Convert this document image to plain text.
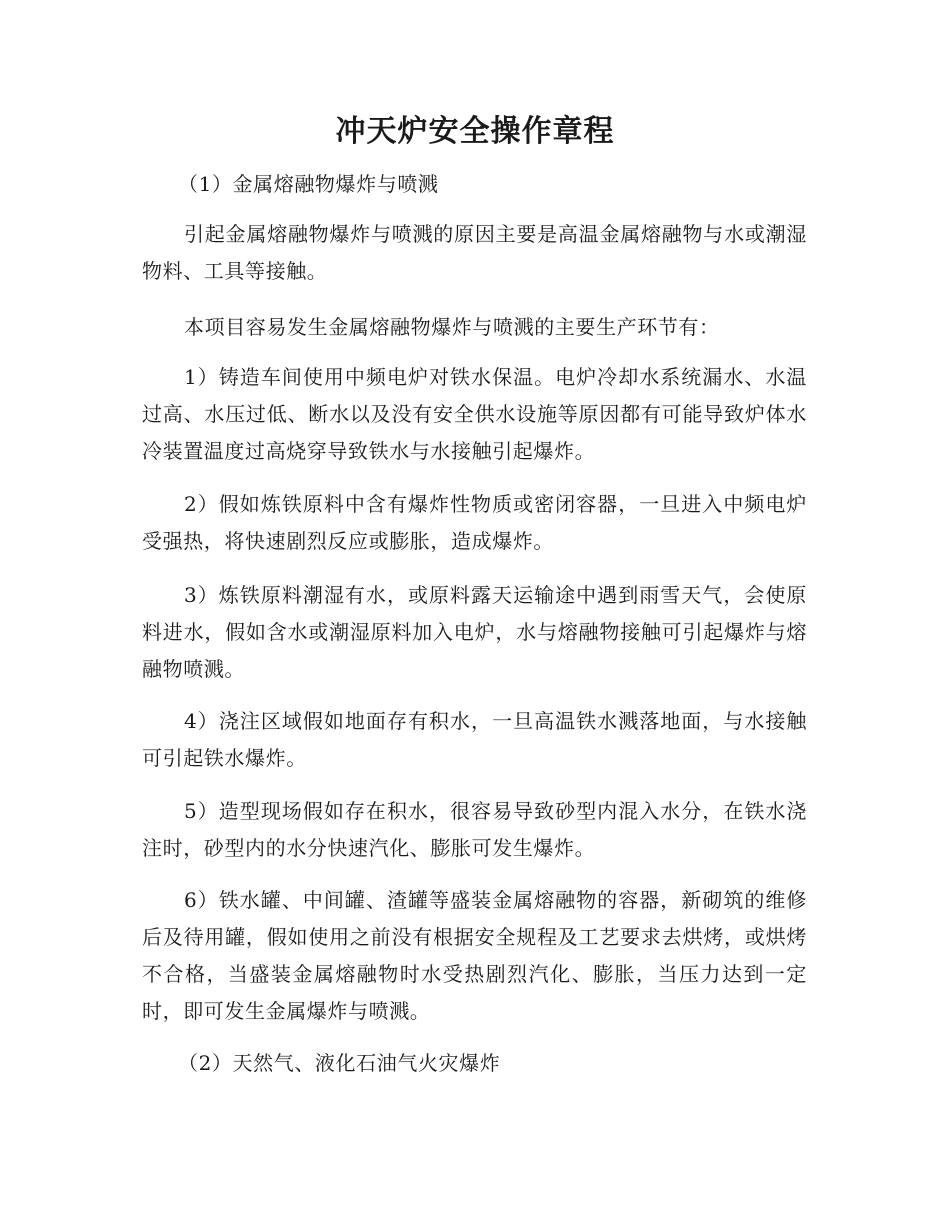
冲天炉安全操作章程

（1）金属熔融物爆炸与喷溅

引起金属熔融物爆炸与喷溅的原因主要是高温金属熔融物与水或潮湿物料、工具等接触。

本项目容易发生金属熔融物爆炸与喷溅的主要生产环节有：

1）铸造车间使用中频电炉对铁水保温。电炉冷却水系统漏水、水温过高、水压过低、断水以及没有安全供水设施等原因都有可能导致炉体水冷装置温度过高烧穿导致铁水与水接触引起爆炸。

2）假如炼铁原料中含有爆炸性物质或密闭容器，一旦进入中频电炉受强热，将快速剧烈反应或膨胀，造成爆炸。

3）炼铁原料潮湿有水，或原料露天运输途中遇到雨雪天气，会使原料进水，假如含水或潮湿原料加入电炉，水与熔融物接触可引起爆炸与熔融物喷溅。

4）浇注区域假如地面存有积水，一旦高温铁水溅落地面，与水接触可引起铁水爆炸。

5）造型现场假如存在积水，很容易导致砂型内混入水分，在铁水浇注时，砂型内的水分快速汽化、膨胀可发生爆炸。

6）铁水罐、中间罐、渣罐等盛装金属熔融物的容器，新砌筑的维修后及待用罐，假如使用之前没有根据安全规程及工艺要求去烘烤，或烘烤不合格，当盛装金属熔融物时水受热剧烈汽化、膨胀，当压力达到一定时，即可发生金属爆炸与喷溅。

（2）天然气、液化石油气火灾爆炸
